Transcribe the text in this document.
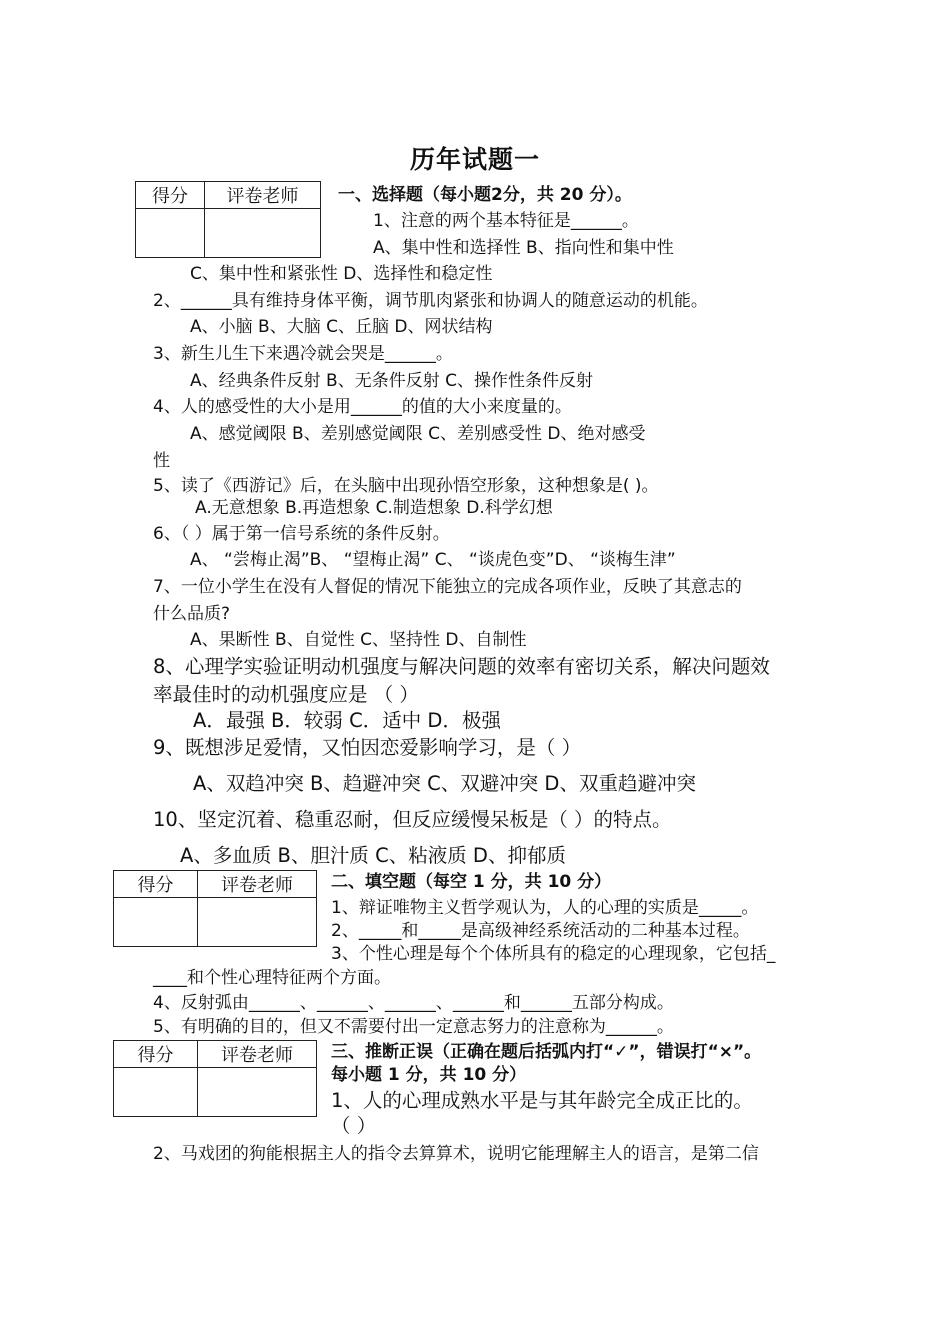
历年试题一
得分	评卷老师
	一、选择题（每小题2分，共 20 分）。
1、注意的两个基本特征是______。
A、集中性和选择性 B、指向性和集中性
C、集中性和紧张性 D、选择性和稳定性
2、______具有维持身体平衡，调节肌肉紧张和协调人的随意运动的机能。
A、小脑 B、大脑 C、丘脑 D、网状结构
3、新生儿生下来遇冷就会哭是______。
A、经典条件反射 B、无条件反射 C、操作性条件反射
4、人的感受性的大小是用______的值的大小来度量的。
A、感觉阈限 B、差别感觉阈限 C、差别感受性 D、绝对感受
性
5、读了《西游记》后，在头脑中出现孙悟空形象，这种想象是( )。
A.无意想象 B.再造想象 C.制造想象 D.科学幻想
6、（ ）属于第一信号系统的条件反射。
A、 “尝梅止渴”B、 “望梅止渴” C、 “谈虎色变”D、 “谈梅生津”
7、一位小学生在没有人督促的情况下能独立的完成各项作业，反映了其意志的
什么品质?
A、果断性 B、自觉性 C、坚持性 D、自制性
8、心理学实验证明动机强度与解决问题的效率有密切关系，解决问题效
率最佳时的动机强度应是 （ ）
A．最强 B．较弱 C．适中 D．极强
9、既想涉足爱情，又怕因恋爱影响学习，是（ ）
A、双趋冲突 B、趋避冲突 C、双避冲突 D、双重趋避冲突
10、坚定沉着、稳重忍耐，但反应缓慢呆板是（ ）的特点。
A、多血质 B、胆汁质 C、粘液质 D、抑郁质
得分	评卷老师
	二、填空题（每空 1 分，共 10 分）
1、辩证唯物主义哲学观认为，人的心理的实质是_____。
2、_____和_____是高级神经系统活动的二种基本过程。
3、个性心理是每个个体所具有的稳定的心理现象，它包括_
____和个性心理特征两个方面。
4、反射弧由______、______、______、______和______五部分构成。
5、有明确的目的，但又不需要付出一定意志努力的注意称为______。
得分	评卷老师
	三、推断正误（正确在题后括弧内打“✓”，错误打“×”。
每小题 1 分，共 10 分）
1、人的心理成熟水平是与其年龄完全成正比的。
（ ）
2、马戏团的狗能根据主人的指令去算算术，说明它能理解主人的语言，是第二信
